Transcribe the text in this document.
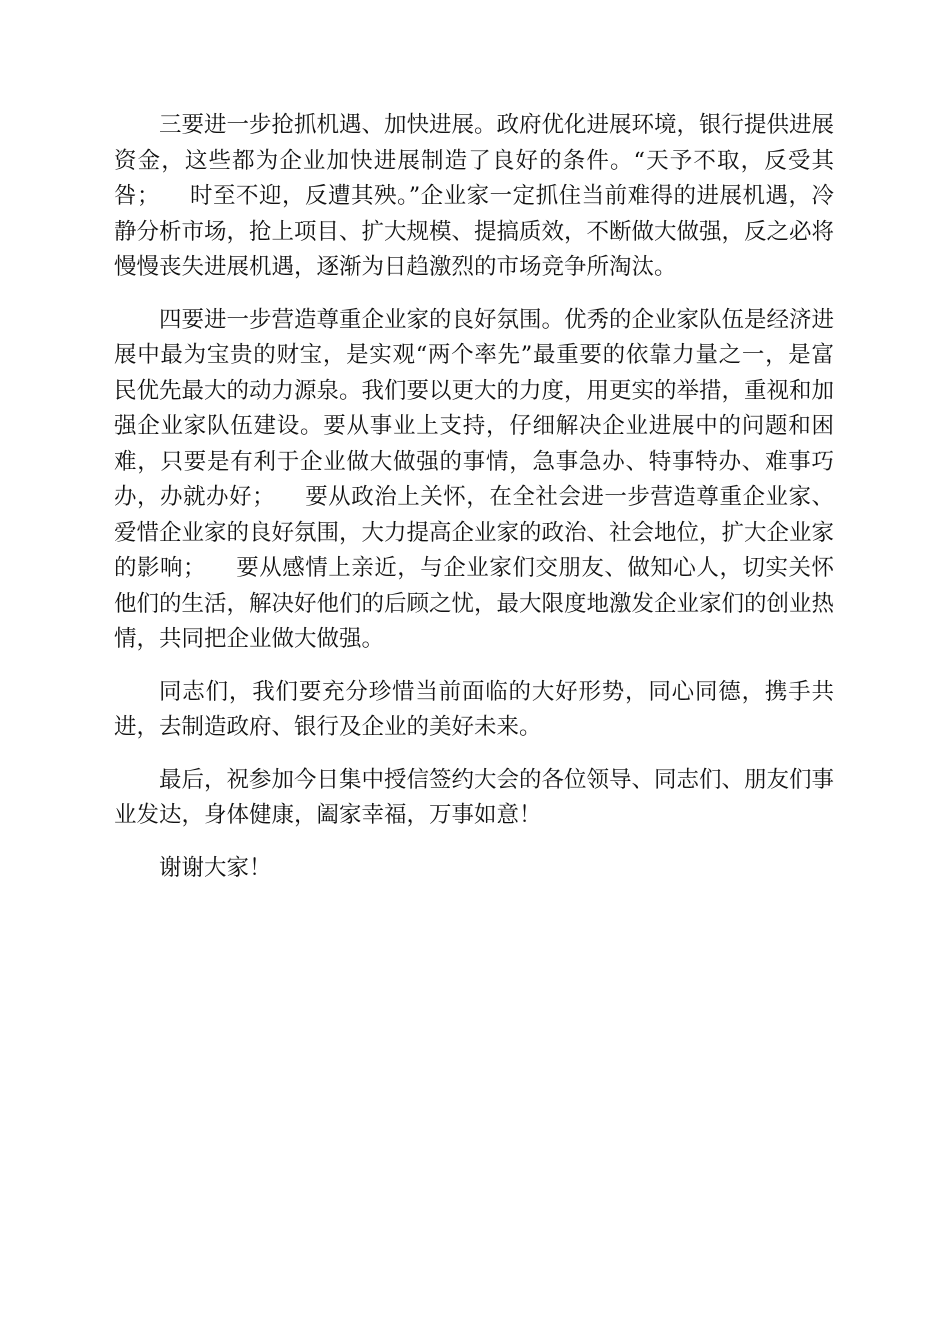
三要进一步抢抓机遇、加快进展。政府优化进展环境，银行提供进展资金，这些都为企业加快进展制造了良好的条件。“天予不取，反受其咎；    时至不迎，反遭其殃。”企业家一定抓住当前难得的进展机遇，冷静分析市场，抢上项目、扩大规模、提搞质效，不断做大做强，反之必将慢慢丧失进展机遇，逐渐为日趋激烈的市场竞争所淘汰。

四要进一步营造尊重企业家的良好氛围。优秀的企业家队伍是经济进展中最为宝贵的财宝，是实观“两个率先”最重要的依靠力量之一，是富民优先最大的动力源泉。我们要以更大的力度，用更实的举措，重视和加强企业家队伍建设。要从事业上支持，仔细解决企业进展中的问题和困难，只要是有利于企业做大做强的事情，急事急办、特事特办、难事巧办，办就办好；    要从政治上关怀，在全社会进一步营造尊重企业家、爱惜企业家的良好氛围，大力提高企业家的政治、社会地位，扩大企业家的影响；    要从感情上亲近，与企业家们交朋友、做知心人，切实关怀他们的生活，解决好他们的后顾之忧，最大限度地激发企业家们的创业热情，共同把企业做大做强。

同志们，我们要充分珍惜当前面临的大好形势，同心同德，携手共进，去制造政府、银行及企业的美好未来。

最后，祝参加今日集中授信签约大会的各位领导、同志们、朋友们事业发达，身体健康，阖家幸福，万事如意！

谢谢大家！
